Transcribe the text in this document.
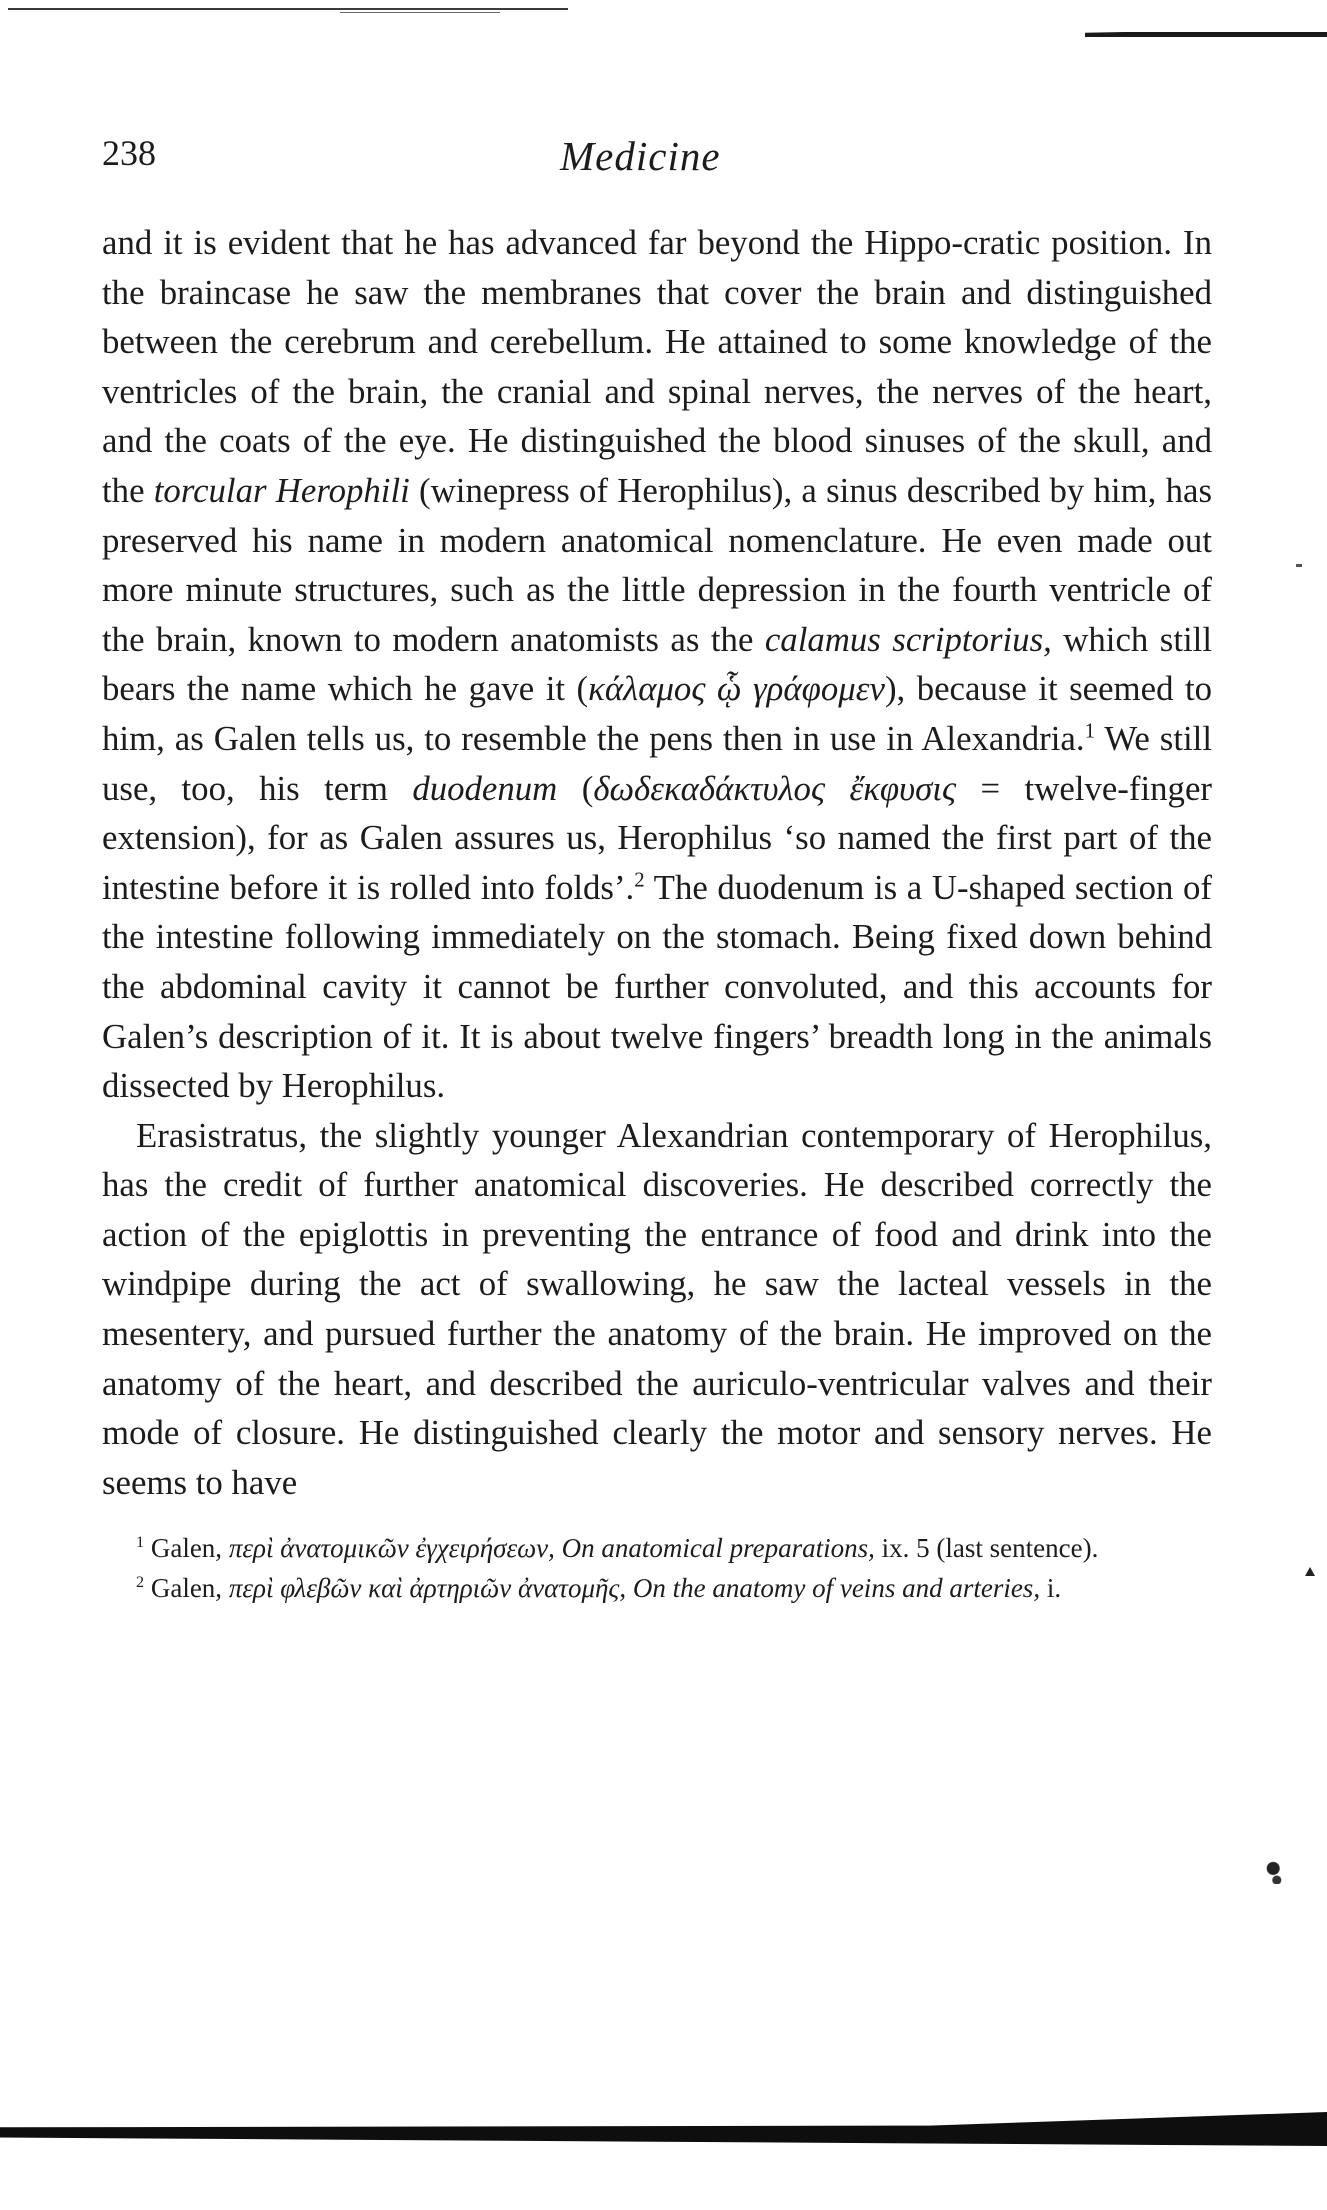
238	Medicine

and it is evident that he has advanced far beyond the Hippo-cratic position. In the braincase he saw the membranes that cover the brain and distinguished between the cerebrum and cerebellum. He attained to some knowledge of the ventricles of the brain, the cranial and spinal nerves, the nerves of the heart, and the coats of the eye. He distinguished the blood sinuses of the skull, and the torcular Herophili (winepress of Herophilus), a sinus described by him, has preserved his name in modern anatomical nomenclature. He even made out more minute structures, such as the little depression in the fourth ventricle of the brain, known to modern anatomists as the calamus scriptorius, which still bears the name which he gave it (κάλαμος ᾧ γράφομεν), because it seemed to him, as Galen tells us, to resemble the pens then in use in Alexandria.$^1$ We still use, too, his term duodenum (δωδεκαδάκτυλος ἔκφυσις = twelve-finger extension), for as Galen assures us, Herophilus ‘so named the first part of the intestine before it is rolled into folds’.$^2$ The duodenum is a U-shaped section of the intestine following immediately on the stomach. Being fixed down behind the abdominal cavity it cannot be further convoluted, and this accounts for Galen’s description of it. It is about twelve fingers’ breadth long in the animals dissected by Herophilus.

Erasistratus, the slightly younger Alexandrian contemporary of Herophilus, has the credit of further anatomical discoveries. He described correctly the action of the epiglottis in preventing the entrance of food and drink into the windpipe during the act of swallowing, he saw the lacteal vessels in the mesentery, and pursued further the anatomy of the brain. He improved on the anatomy of the heart, and described the auriculo-ventricular valves and their mode of closure. He distinguished clearly the motor and sensory nerves. He seems to have

$^1$ Galen, περὶ ἀνατομικῶν ἐγχειρήσεων, On anatomical preparations, ix. 5 (last sentence).

$^2$ Galen, περὶ φλεβῶν καὶ ἀρτηριῶν ἀνατομῆς, On the anatomy of veins and arteries, i.
